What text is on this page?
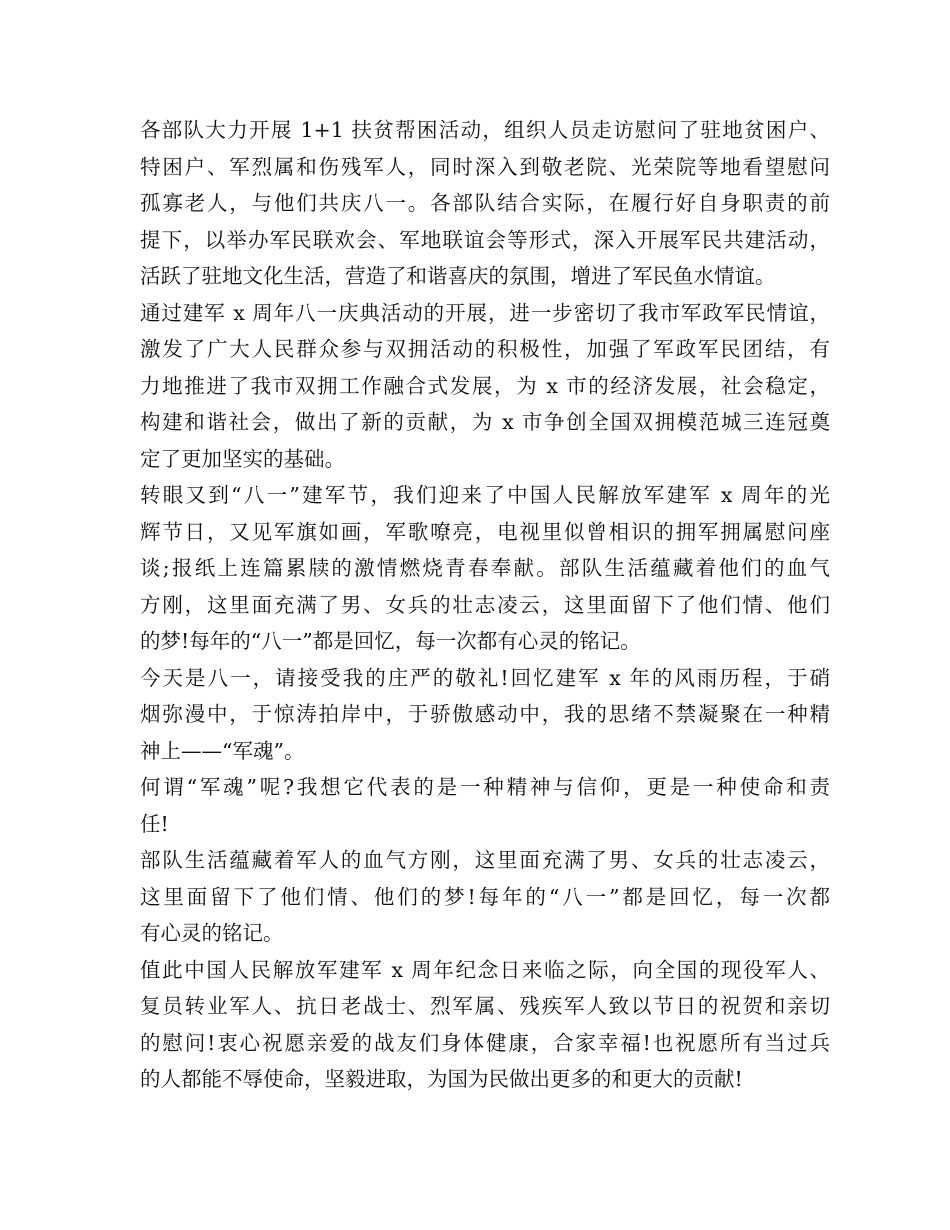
各部队大力开展 1+1 扶贫帮困活动，组织人员走访慰问了驻地贫困户、
特困户、军烈属和伤残军人，同时深入到敬老院、光荣院等地看望慰问
孤寡老人，与他们共庆八一。各部队结合实际，在履行好自身职责的前
提下，以举办军民联欢会、军地联谊会等形式，深入开展军民共建活动，
活跃了驻地文化生活，营造了和谐喜庆的氛围，增进了军民鱼水情谊。

通过建军 x 周年八一庆典活动的开展，进一步密切了我市军政军民情谊，
激发了广大人民群众参与双拥活动的积极性，加强了军政军民团结，有
力地推进了我市双拥工作融合式发展，为 x 市的经济发展，社会稳定，
构建和谐社会，做出了新的贡献，为 x 市争创全国双拥模范城三连冠奠
定了更加坚实的基础。

转眼又到“八一”建军节，我们迎来了中国人民解放军建军 x 周年的光
辉节日，又见军旗如画，军歌嘹亮，电视里似曾相识的拥军拥属慰问座
谈;报纸上连篇累牍的激情燃烧青春奉献。部队生活蕴藏着他们的血气
方刚，这里面充满了男、女兵的壮志凌云，这里面留下了他们情、他们
的梦!每年的“八一”都是回忆，每一次都有心灵的铭记。

今天是八一，请接受我的庄严的敬礼!回忆建军 x 年的风雨历程，于硝
烟弥漫中，于惊涛拍岸中，于骄傲感动中，我的思绪不禁凝聚在一种精
神上——“军魂”。

何谓“军魂”呢?我想它代表的是一种精神与信仰，更是一种使命和责
任!

部队生活蕴藏着军人的血气方刚，这里面充满了男、女兵的壮志凌云，
这里面留下了他们情、他们的梦!每年的“八一”都是回忆，每一次都
有心灵的铭记。

值此中国人民解放军建军 x 周年纪念日来临之际，向全国的现役军人、
复员转业军人、抗日老战士、烈军属、残疾军人致以节日的祝贺和亲切
的慰问!衷心祝愿亲爱的战友们身体健康，合家幸福!也祝愿所有当过兵
的人都能不辱使命，坚毅进取，为国为民做出更多的和更大的贡献!
